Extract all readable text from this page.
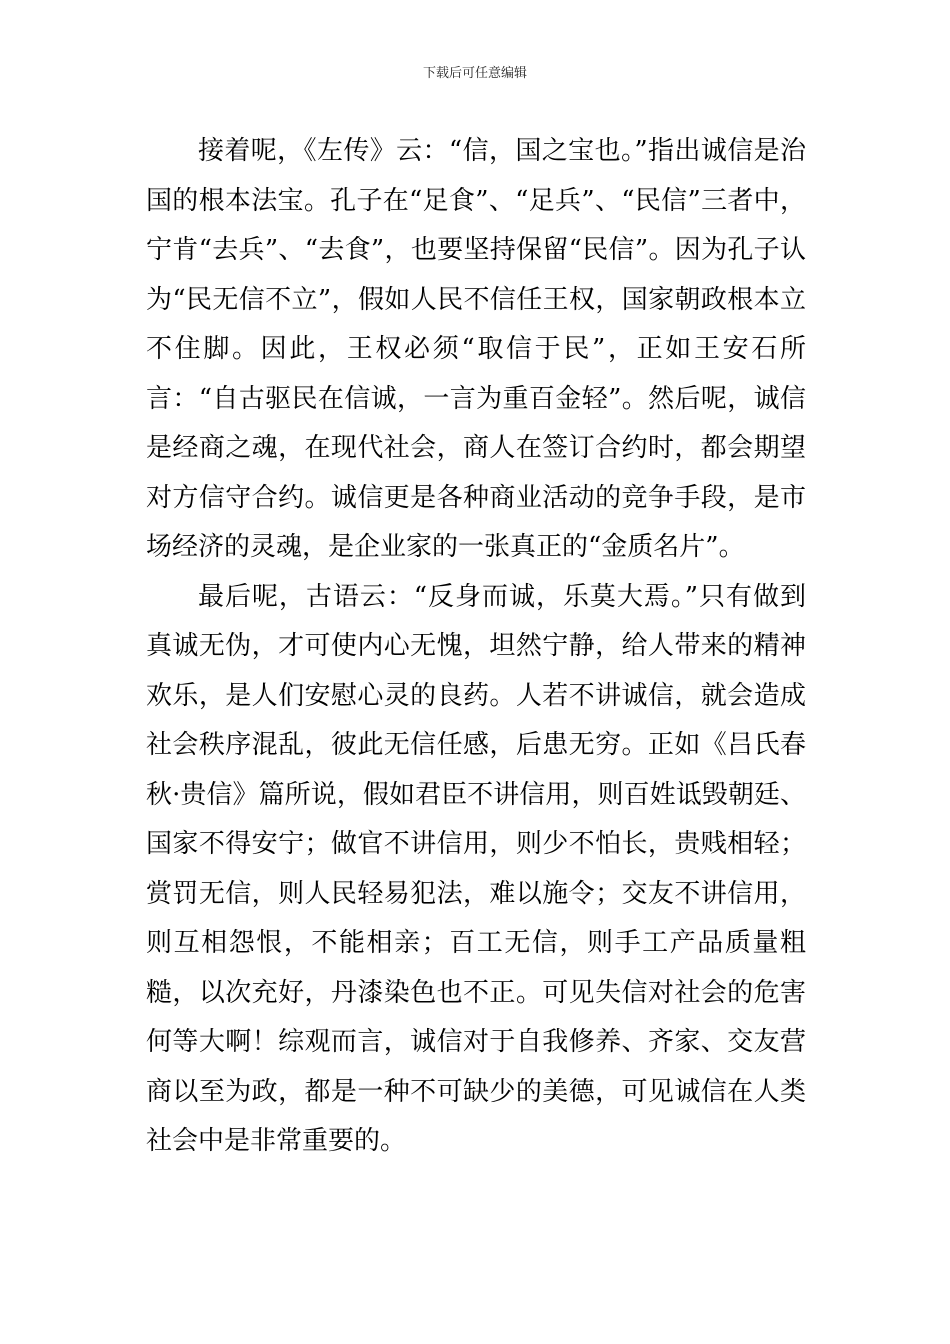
下载后可任意编辑

接着呢，《左传》云：“信，国之宝也。”指出诚信是治国的根本法宝。孔子在“足食”、“足兵”、“民信”三者中，宁肯“去兵”、“去食”，也要坚持保留“民信”。因为孔子认为“民无信不立”，假如人民不信任王权，国家朝政根本立不住脚。因此，王权必须“取信于民”，正如王安石所言：“自古驱民在信诚，一言为重百金轻”。然后呢，诚信是经商之魂，在现代社会，商人在签订合约时，都会期望对方信守合约。诚信更是各种商业活动的竞争手段，是市场经济的灵魂，是企业家的一张真正的“金质名片”。

最后呢，古语云：“反身而诚，乐莫大焉。”只有做到真诚无伪，才可使内心无愧，坦然宁静，给人带来的精神欢乐，是人们安慰心灵的良药。人若不讲诚信，就会造成社会秩序混乱，彼此无信任感，后患无穷。正如《吕氏春秋·贵信》篇所说，假如君臣不讲信用，则百姓诋毁朝廷、国家不得安宁；做官不讲信用，则少不怕长，贵贱相轻；赏罚无信，则人民轻易犯法，难以施令；交友不讲信用，则互相怨恨，不能相亲；百工无信，则手工产品质量粗糙，以次充好，丹漆染色也不正。可见失信对社会的危害何等大啊！综观而言，诚信对于自我修养、齐家、交友营商以至为政，都是一种不可缺少的美德，可见诚信在人类社会中是非常重要的。
